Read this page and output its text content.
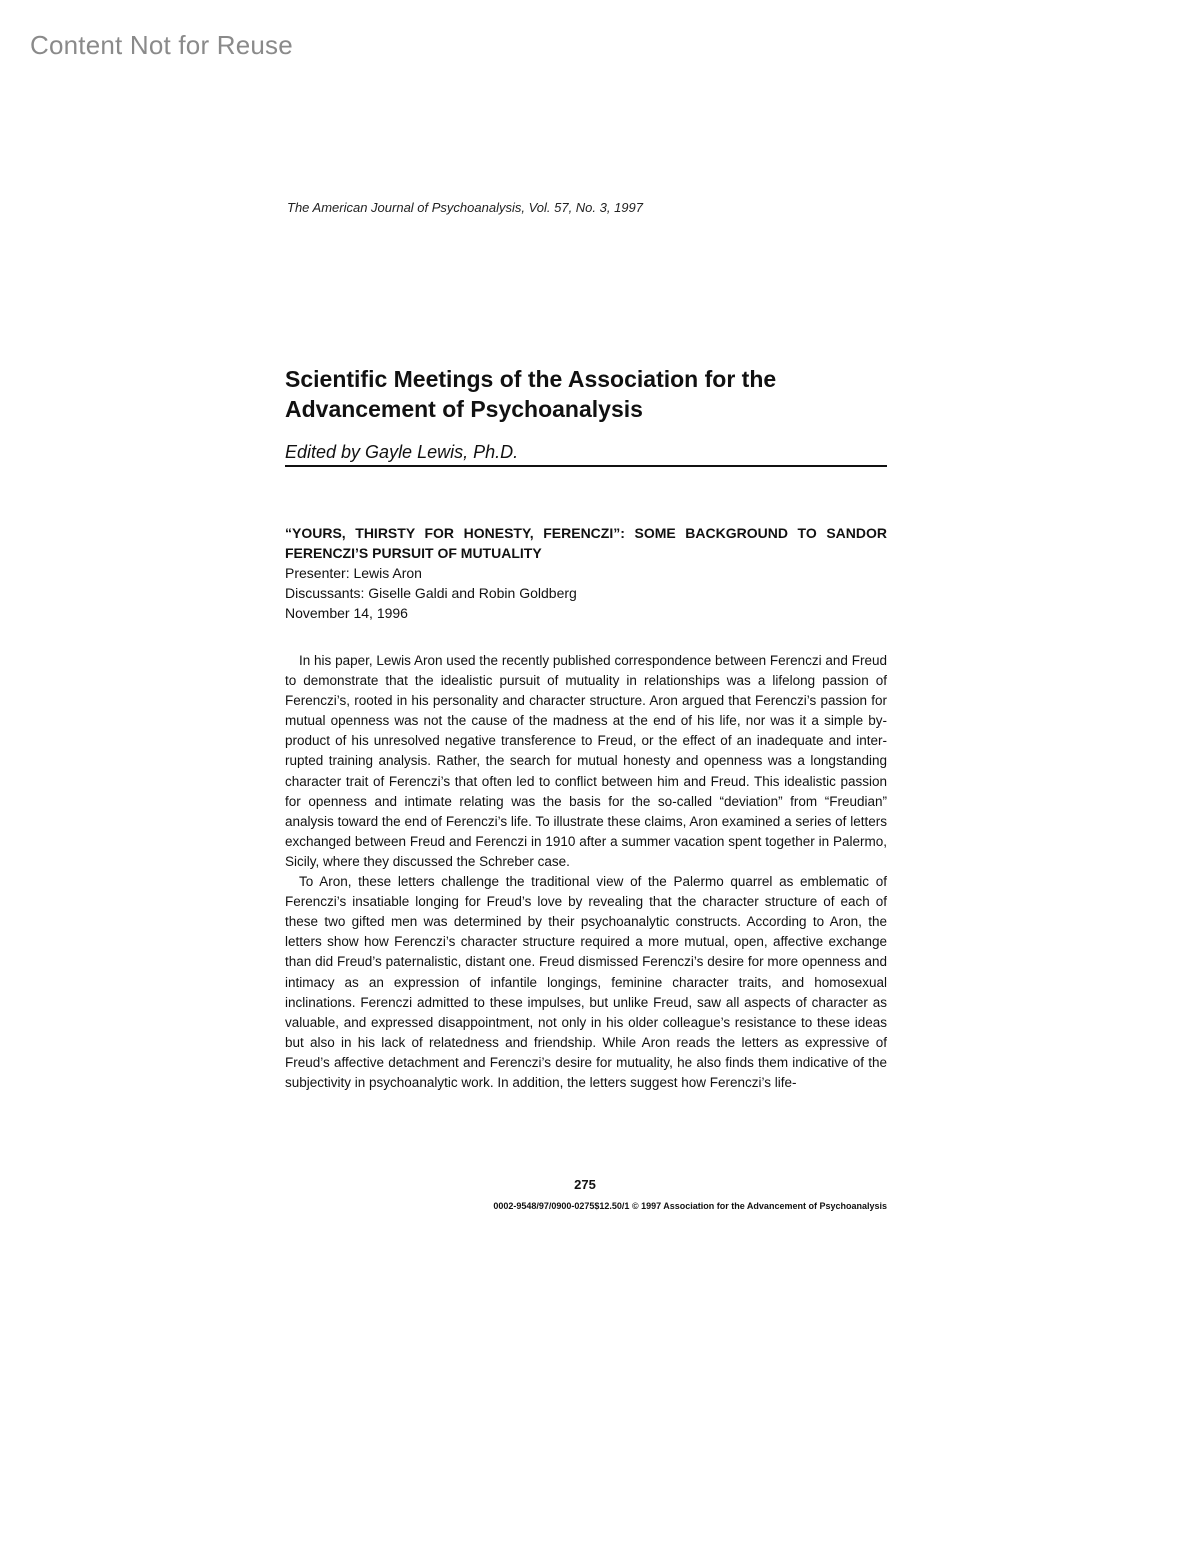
Content Not for Reuse
The American Journal of Psychoanalysis, Vol. 57, No. 3, 1997
Scientific Meetings of the Association for the
Advancement of Psychoanalysis
Edited by Gayle Lewis, Ph.D.
“YOURS, THIRSTY FOR HONESTY, FERENCZI”: SOME BACKGROUND TO SANDOR FERENCZI’S PURSUIT OF MUTUALITY
Presenter: Lewis Aron
Discussants: Giselle Galdi and Robin Goldberg
November 14, 1996

In his paper, Lewis Aron used the recently published correspondence between Ferenczi and Freud to demonstrate that the idealistic pursuit of mutuality in relationships was a lifelong passion of Ferenczi’s, rooted in his personality and character structure. Aron argued that Ferenczi’s passion for mutual openness was not the cause of the madness at the end of his life, nor was it a simple by-product of his unresolved negative transference to Freud, or the effect of an inadequate and interrupted training analysis. Rather, the search for mutual honesty and openness was a longstanding character trait of Ferenczi’s that often led to conflict between him and Freud. This idealistic passion for openness and intimate relating was the basis for the so-called “deviation” from “Freudian” analysis toward the end of Ferenczi’s life. To illustrate these claims, Aron examined a series of letters exchanged between Freud and Ferenczi in 1910 after a summer vacation spent together in Palermo, Sicily, where they discussed the Schreber case.

To Aron, these letters challenge the traditional view of the Palermo quarrel as emblematic of Ferenczi’s insatiable longing for Freud’s love by revealing that the character structure of each of these two gifted men was determined by their psychoanalytic constructs. According to Aron, the letters show how Ferenczi’s character structure required a more mutual, open, affective exchange than did Freud’s paternalistic, distant one. Freud dismissed Ferenczi’s desire for more openness and intimacy as an expression of infantile longings, feminine character traits, and homosexual inclinations. Ferenczi admitted to these impulses, but unlike Freud, saw all aspects of character as valuable, and expressed disappointment, not only in his older colleague’s resistance to these ideas but also in his lack of relatedness and friendship. While Aron reads the letters as expressive of Freud’s affective detachment and Ferenczi’s desire for mutuality, he also finds them indicative of the subjectivity in psychoanalytic work. In addition, the letters suggest how Ferenczi’s life-

275
0002-9548/97/0900-0275$12.50/1 © 1997 Association for the Advancement of Psychoanalysis
